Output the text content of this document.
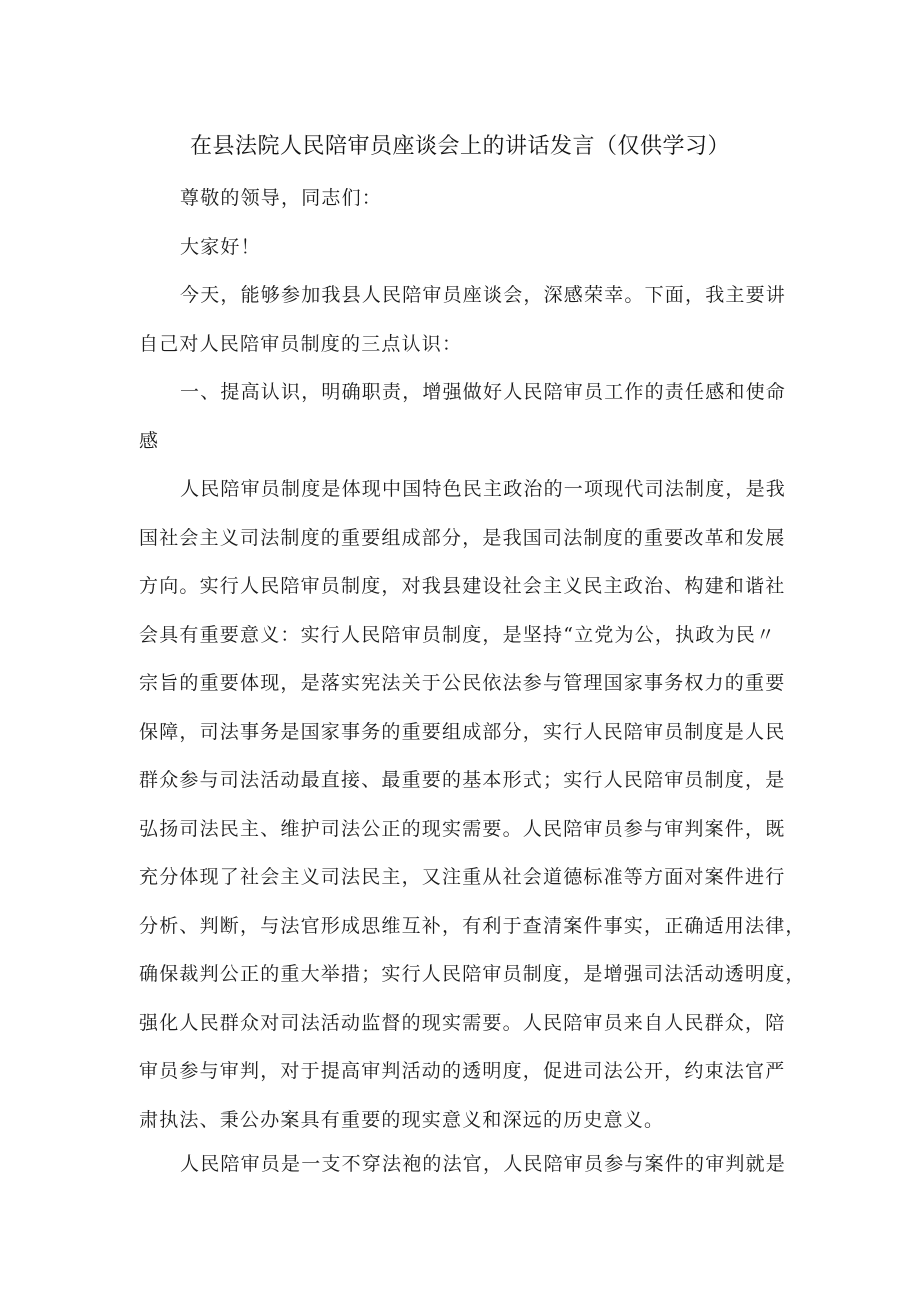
在县法院人民陪审员座谈会上的讲话发言（仅供学习）
尊敬的领导，同志们：
大家好！
今天，能够参加我县人民陪审员座谈会，深感荣幸。下面，我主要讲
自己对人民陪审员制度的三点认识：
一、提高认识，明确职责，增强做好人民陪审员工作的责任感和使命
感
人民陪审员制度是体现中国特色民主政治的一项现代司法制度，是我
国社会主义司法制度的重要组成部分，是我国司法制度的重要改革和发展
方向。实行人民陪审员制度，对我县建设社会主义民主政治、构建和谐社
会具有重要意义：实行人民陪审员制度，是坚持“立党为公，执政为民〃
宗旨的重要体现，是落实宪法关于公民依法参与管理国家事务权力的重要
保障，司法事务是国家事务的重要组成部分，实行人民陪审员制度是人民
群众参与司法活动最直接、最重要的基本形式；实行人民陪审员制度，是
弘扬司法民主、维护司法公正的现实需要。人民陪审员参与审判案件，既
充分体现了社会主义司法民主，又注重从社会道德标准等方面对案件进行
分析、判断，与法官形成思维互补，有利于查清案件事实，正确适用法律，
确保裁判公正的重大举措；实行人民陪审员制度，是增强司法活动透明度，
强化人民群众对司法活动监督的现实需要。人民陪审员来自人民群众，陪
审员参与审判，对于提高审判活动的透明度，促进司法公开，约束法官严
肃执法、秉公办案具有重要的现实意义和深远的历史意义。
人民陪审员是一支不穿法袍的法官，人民陪审员参与案件的审判就是
